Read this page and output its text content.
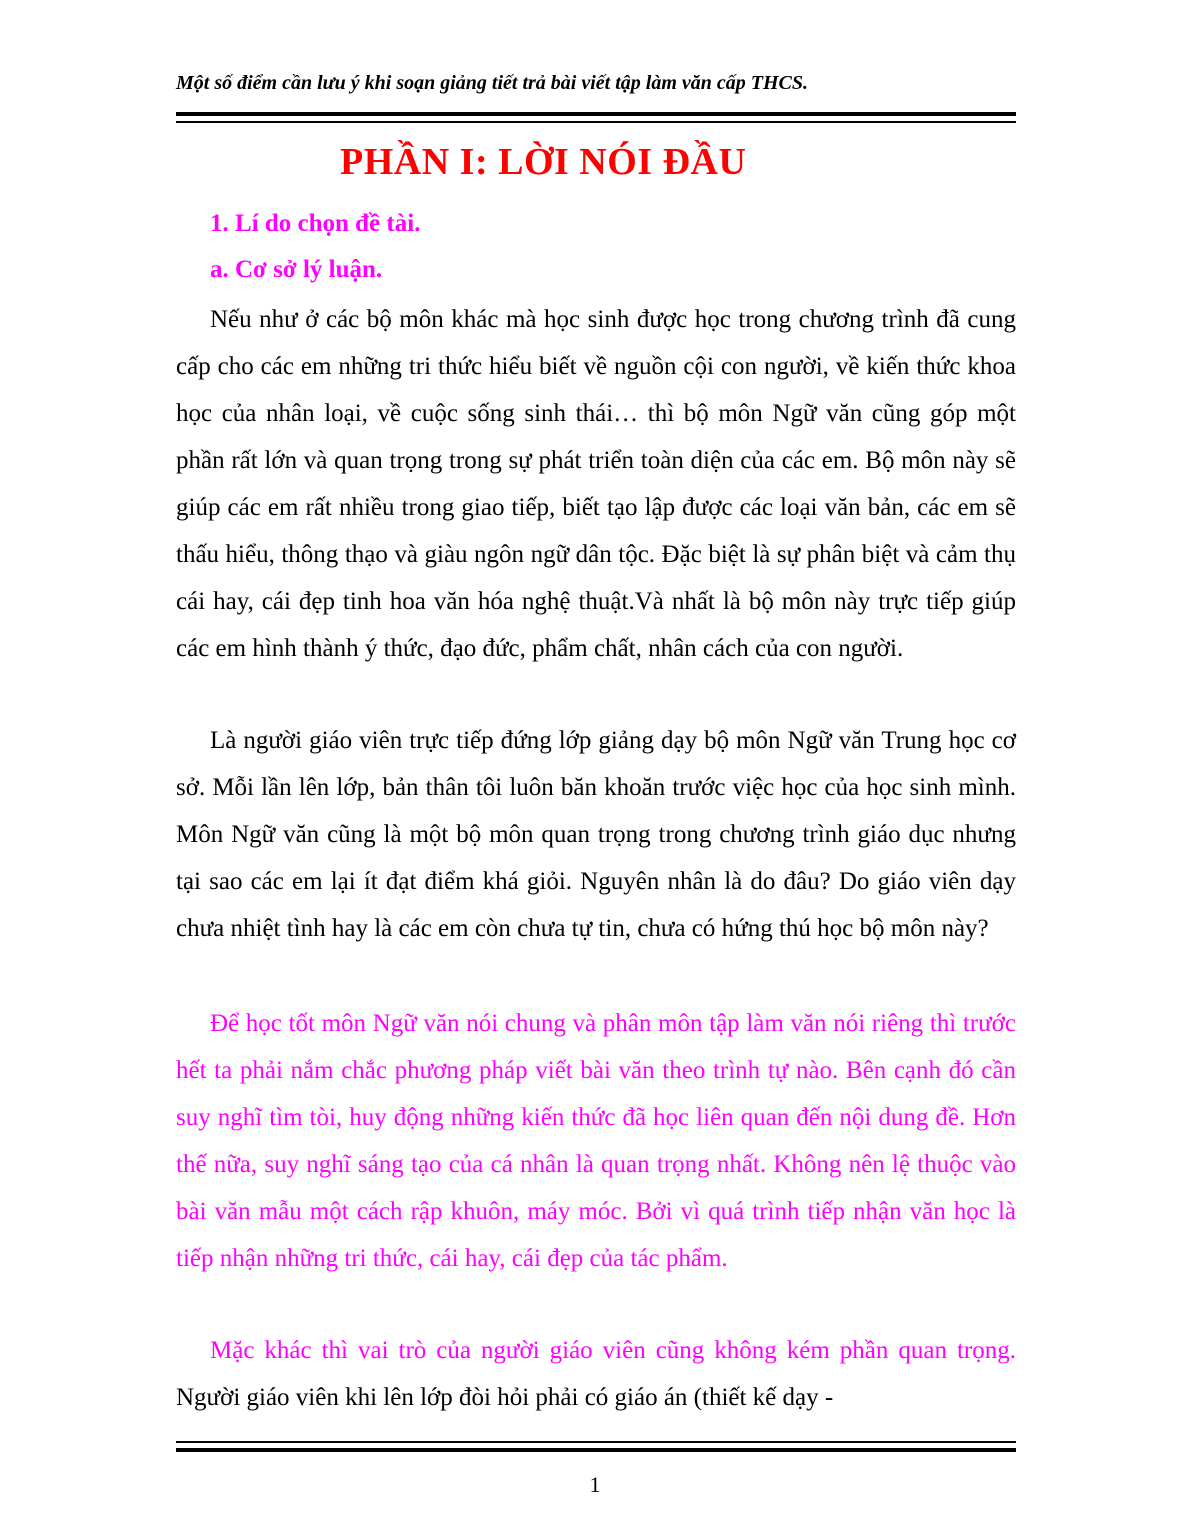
Một số điểm cần lưu ý khi soạn giảng tiết trả bài viết tập làm văn cấp THCS.
PHẦN I: LỜI NÓI ĐẦU
1. Lí do chọn đề tài.
a. Cơ sở lý luận.

Nếu như ở các bộ môn khác mà học sinh được học trong chương trình đã cung cấp cho các em những tri thức hiểu biết về nguồn cội con người, về kiến thức khoa học của nhân loại, về cuộc sống sinh thái… thì bộ môn Ngữ văn cũng góp một phần rất lớn và quan trọng trong sự phát triển toàn diện của các em. Bộ môn này sẽ giúp các em rất nhiều trong giao tiếp, biết tạo lập được các loại văn bản, các em sẽ thấu hiểu, thông thạo và giàu ngôn ngữ dân tộc. Đặc biệt là sự phân biệt và cảm thụ cái hay, cái đẹp tinh hoa văn hóa nghệ thuật.Và nhất là bộ môn này trực tiếp giúp các em hình thành ý thức, đạo đức, phẩm chất, nhân cách của con người.

Là người giáo viên trực tiếp đứng lớp giảng dạy bộ môn Ngữ văn Trung học cơ sở. Mỗi lần lên lớp, bản thân tôi luôn băn khoăn trước việc học của học sinh mình. Môn Ngữ văn cũng là một bộ môn quan trọng trong chương trình giáo dục nhưng tại sao các em lại ít đạt điểm khá giỏi. Nguyên nhân là do đâu? Do giáo viên dạy chưa nhiệt tình hay là các em còn chưa tự tin, chưa có hứng thú học bộ môn này?

Để học tốt môn Ngữ văn nói chung và phân môn tập làm văn nói riêng thì trước hết ta phải nắm chắc phương pháp viết bài văn theo trình tự nào. Bên cạnh đó cần suy nghĩ tìm tòi, huy động những kiến thức đã học liên quan đến nội dung đề. Hơn thế nữa, suy nghĩ sáng tạo của cá nhân là quan trọng nhất. Không nên lệ thuộc vào bài văn mẫu một cách rập khuôn, máy móc. Bởi vì quá trình tiếp nhận văn học là tiếp nhận những tri thức, cái hay, cái đẹp của tác phẩm.

Mặc khác thì vai trò của người giáo viên cũng không kém phần quan trọng. Người giáo viên khi lên lớp đòi hỏi phải có giáo án (thiết kế dạy -

1
